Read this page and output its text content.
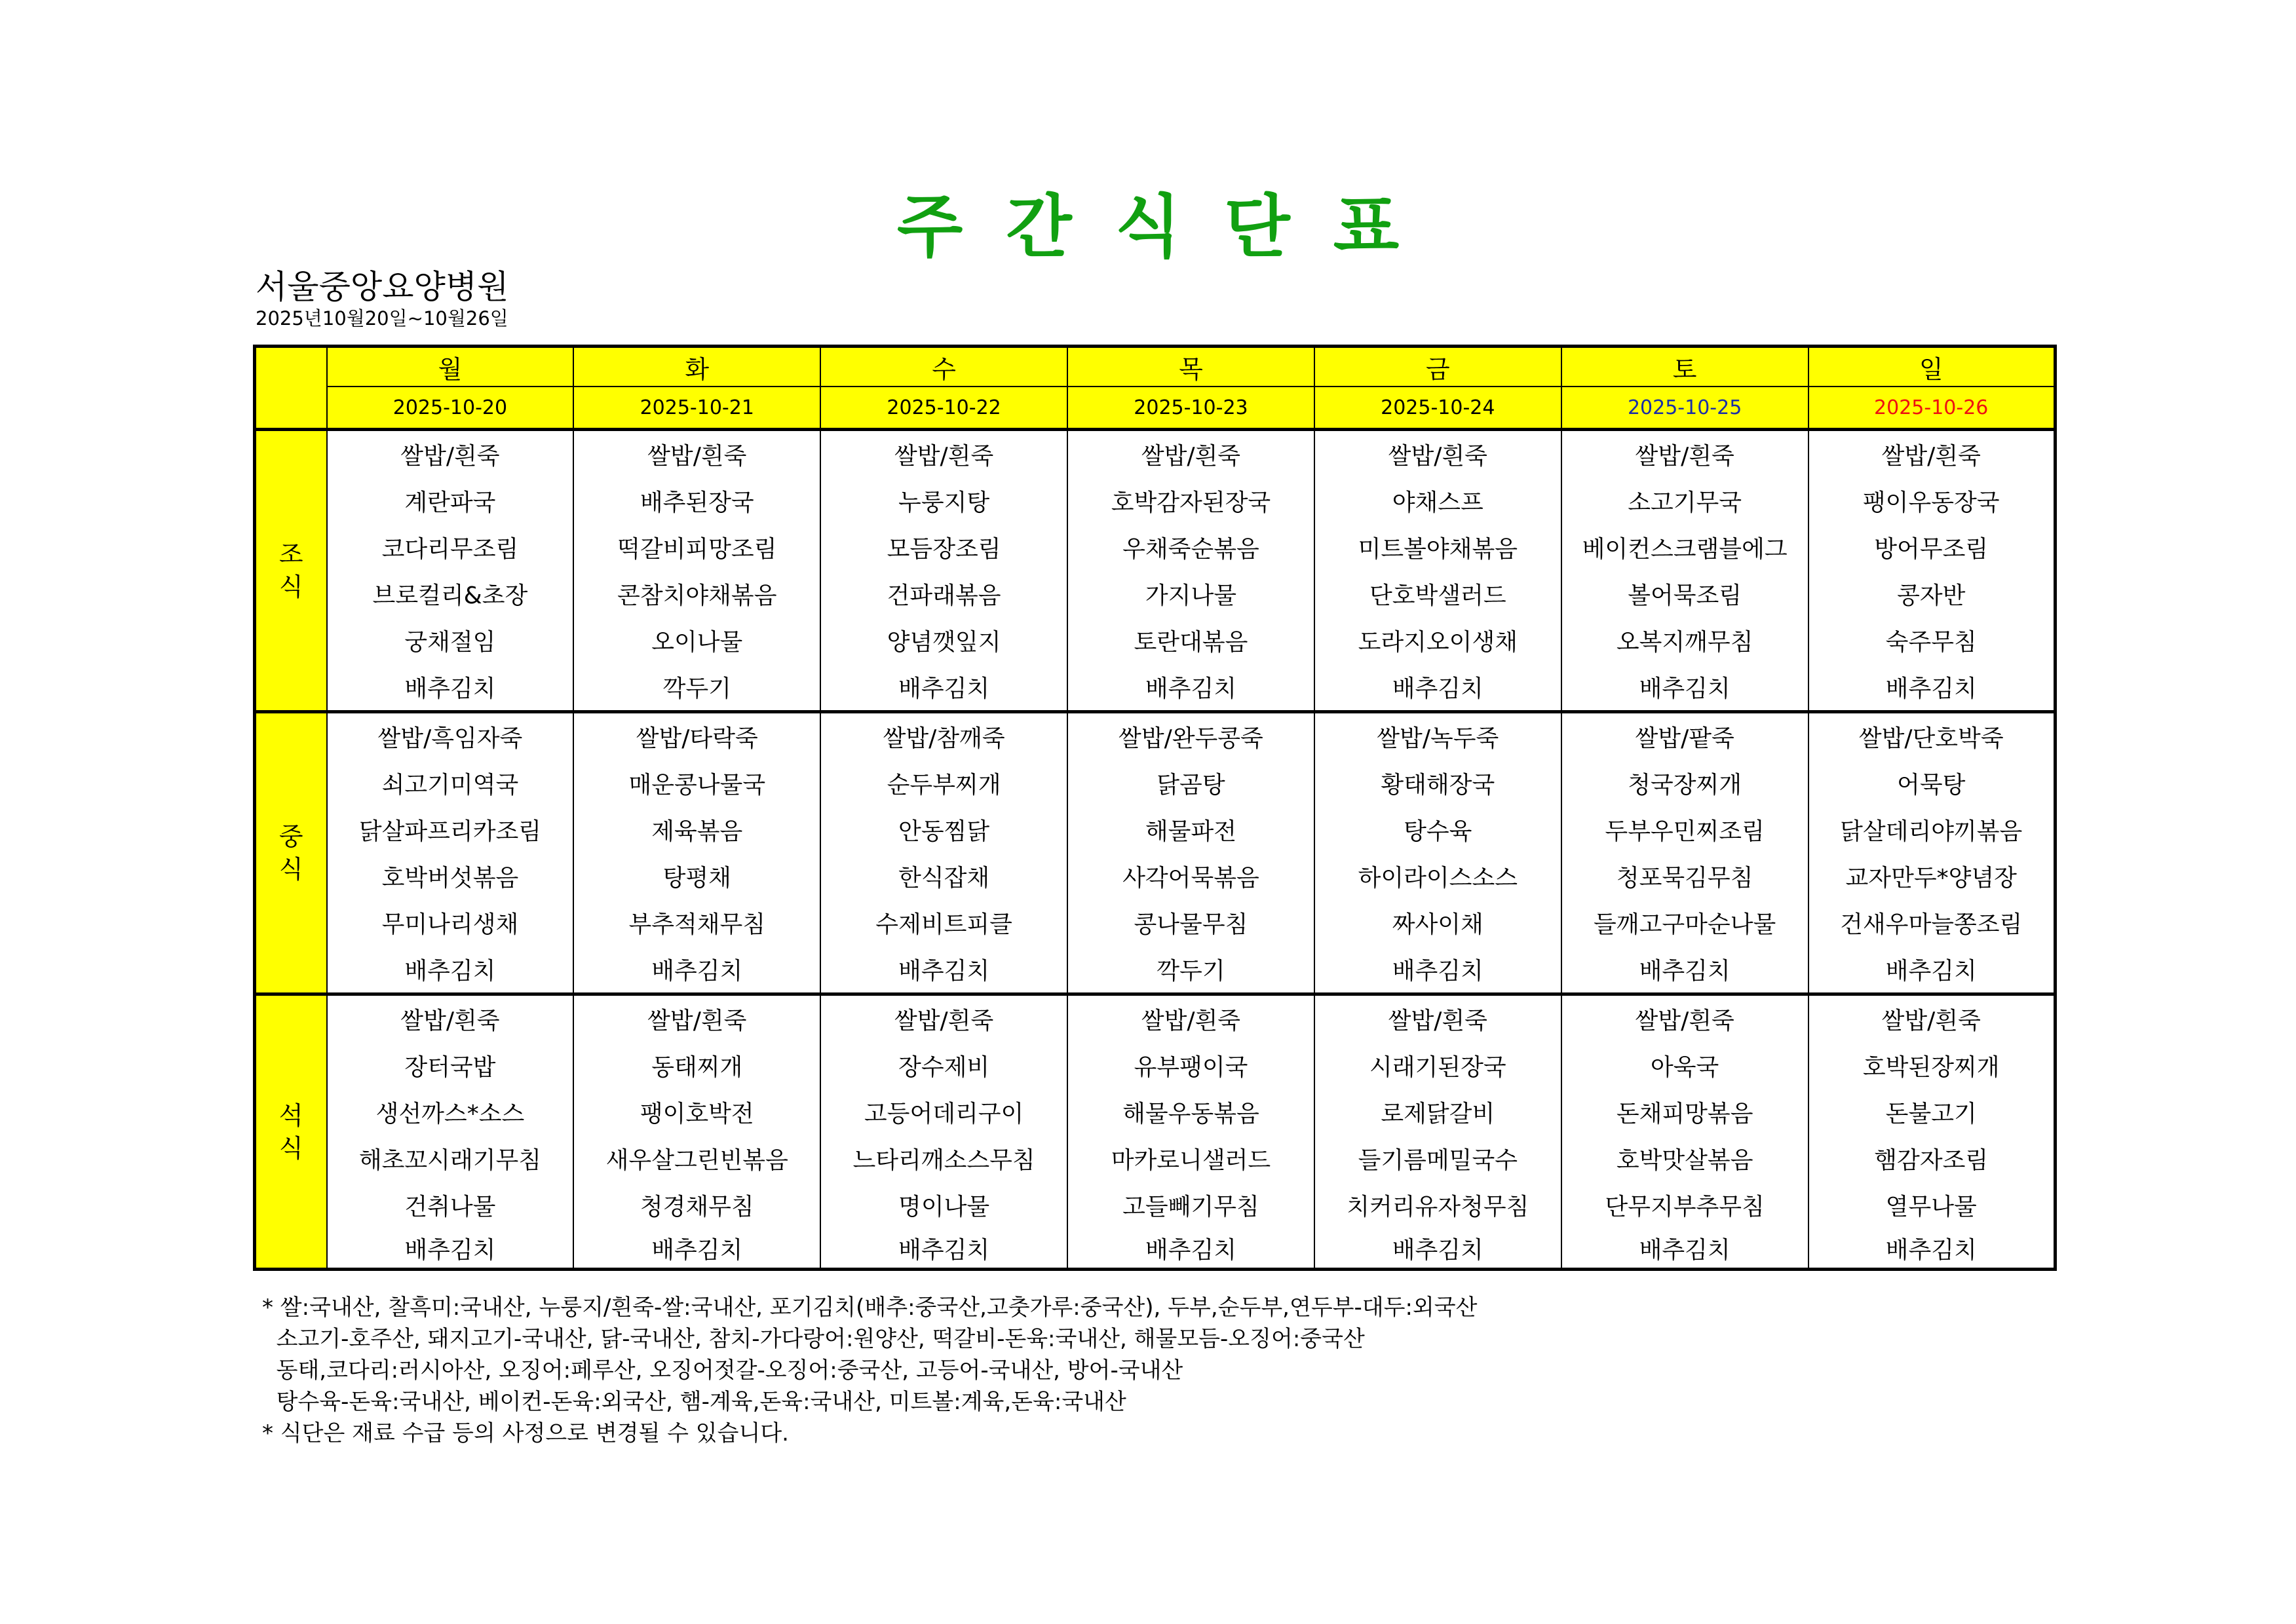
주 간 식 단 표
서울중앙요양병원
2025년10월20일~10월26일
	월	화	수	목	금	토	일
	2025-10-20	2025-10-21	2025-10-22	2025-10-23	2025-10-24	2025-10-25	2025-10-26

조
식	쌀밥/흰죽	쌀밥/흰죽	쌀밥/흰죽	쌀밥/흰죽	쌀밥/흰죽	쌀밥/흰죽	쌀밥/흰죽
	계란파국	배추된장국	누룽지탕	호박감자된장국	야채스프	소고기무국	팽이우동장국
	코다리무조림	떡갈비피망조림	모듬장조림	우채죽순볶음	미트볼야채볶음	베이컨스크램블에그	방어무조림
	브로컬리&초장	콘참치야채볶음	건파래볶음	가지나물	단호박샐러드	볼어묵조림	콩자반
	궁채절임	오이나물	양념깻잎지	토란대볶음	도라지오이생채	오복지깨무침	숙주무침
	배추김치	깍두기	배추김치	배추김치	배추김치	배추김치	배추김치

중
식	쌀밥/흑임자죽	쌀밥/타락죽	쌀밥/참깨죽	쌀밥/완두콩죽	쌀밥/녹두죽	쌀밥/팥죽	쌀밥/단호박죽
	쇠고기미역국	매운콩나물국	순두부찌개	닭곰탕	황태해장국	청국장찌개	어묵탕
	닭살파프리카조림	제육볶음	안동찜닭	해물파전	탕수육	두부우민찌조림	닭살데리야끼볶음
	호박버섯볶음	탕평채	한식잡채	사각어묵볶음	하이라이스소스	청포묵김무침	교자만두*양념장
	무미나리생채	부추적채무침	수제비트피클	콩나물무침	짜사이채	들깨고구마순나물	건새우마늘쫑조림
	배추김치	배추김치	배추김치	깍두기	배추김치	배추김치	배추김치

석
식	쌀밥/흰죽	쌀밥/흰죽	쌀밥/흰죽	쌀밥/흰죽	쌀밥/흰죽	쌀밥/흰죽	쌀밥/흰죽
	장터국밥	동태찌개	장수제비	유부팽이국	시래기된장국	아욱국	호박된장찌개
	생선까스*소스	팽이호박전	고등어데리구이	해물우동볶음	로제닭갈비	돈채피망볶음	돈불고기
	해초꼬시래기무침	새우살그린빈볶음	느타리깨소스무침	마카로니샐러드	들기름메밀국수	호박맛살볶음	햄감자조림
	건취나물	청경채무침	명이나물	고들빼기무침	치커리유자청무침	단무지부추무침	열무나물
	배추김치	배추김치	배추김치	배추김치	배추김치	배추김치	배추김치
* 쌀:국내산, 찰흑미:국내산, 누룽지/흰죽-쌀:국내산, 포기김치(배추:중국산,고춧가루:중국산), 두부,순두부,연두부-대두:외국산
소고기-호주산, 돼지고기-국내산, 닭-국내산, 참치-가다랑어:원양산, 떡갈비-돈육:국내산, 해물모듬-오징어:중국산
동태,코다리:러시아산, 오징어:페루산, 오징어젓갈-오징어:중국산, 고등어-국내산, 방어-국내산
탕수육-돈육:국내산, 베이컨-돈육:외국산, 햄-계육,돈육:국내산, 미트볼:계육,돈육:국내산
* 식단은 재료 수급 등의 사정으로 변경될 수 있습니다.
